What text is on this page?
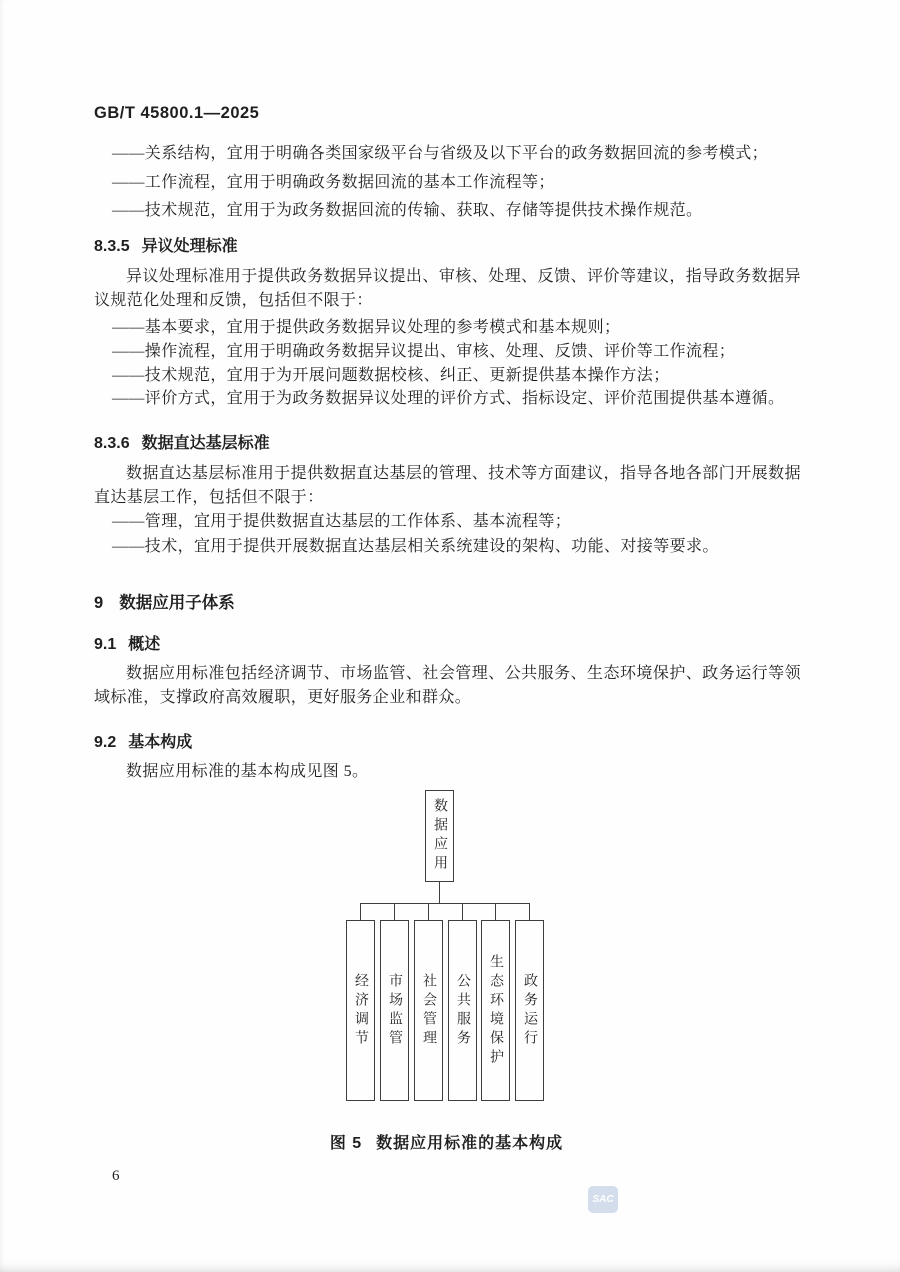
GB/T 45800.1—2025
——关系结构，宜用于明确各类国家级平台与省级及以下平台的政务数据回流的参考模式；
——工作流程，宜用于明确政务数据回流的基本工作流程等；
——技术规范，宜用于为政务数据回流的传输、获取、存储等提供技术操作规范。
8.3.5 异议处理标准
异议处理标准用于提供政务数据异议提出、审核、处理、反馈、评价等建议，指导政务数据异议规范化处理和反馈，包括但不限于：
——基本要求，宜用于提供政务数据异议处理的参考模式和基本规则；
——操作流程，宜用于明确政务数据异议提出、审核、处理、反馈、评价等工作流程；
——技术规范，宜用于为开展问题数据校核、纠正、更新提供基本操作方法；
——评价方式，宜用于为政务数据异议处理的评价方式、指标设定、评价范围提供基本遵循。
8.3.6 数据直达基层标准
数据直达基层标准用于提供数据直达基层的管理、技术等方面建议，指导各地各部门开展数据直达基层工作，包括但不限于：
——管理，宜用于提供数据直达基层的工作体系、基本流程等；
——技术，宜用于提供开展数据直达基层相关系统建设的架构、功能、对接等要求。
9 数据应用子体系
9.1 概述
数据应用标准包括经济调节、市场监管、社会管理、公共服务、生态环境保护、政务运行等领域标准，支撑政府高效履职，更好服务企业和群众。
9.2 基本构成
数据应用标准的基本构成见图 5。
数据应用
经济调节 市场监管 社会管理 公共服务 生态环境保护 政务运行
图 5 数据应用标准的基本构成
6
SAC
